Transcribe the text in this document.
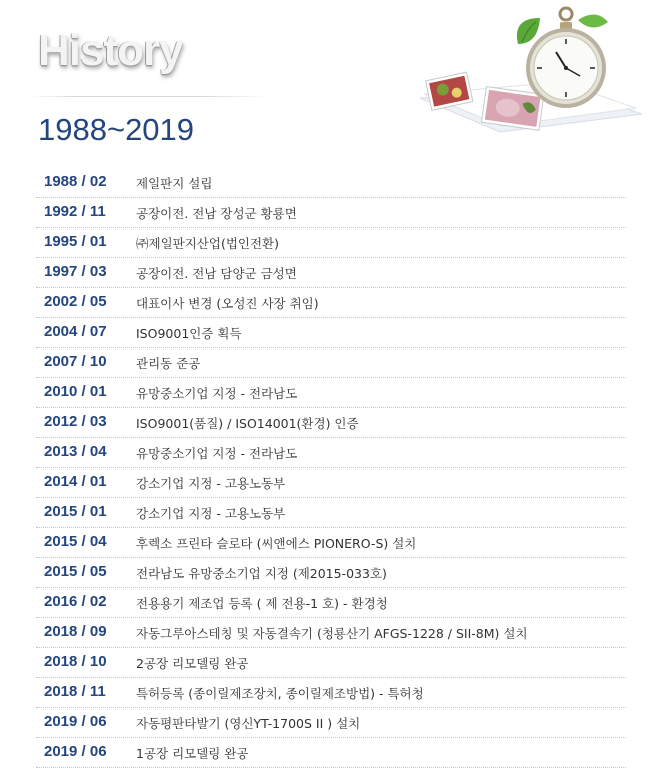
History
1988~2019
1988 / 02 제일판지 설립
1992 / 11 공장이전. 전남 장성군 황룡면
1995 / 01 ㈜제일판지산업(법인전환)
1997 / 03 공장이전. 전남 담양군 금성면
2002 / 05 대표이사 변경 (오성진 사장 취임)
2004 / 07 ISO9001인증 획득
2007 / 10 관리동 준공
2010 / 01 유망중소기업 지정 - 전라남도
2012 / 03 ISO9001(품질) / ISO14001(환경) 인증
2013 / 04 유망중소기업 지정 - 전라남도
2014 / 01 강소기업 지정 - 고용노동부
2015 / 01 강소기업 지정 - 고용노동부
2015 / 04 후렉소 프린타 슬로타 (씨앤에스 PIONERO-S) 설치
2015 / 05 전라남도 유망중소기업 지정 (제2015-033호)
2016 / 02 전용용기 제조업 등록 ( 제 전용-1 호) - 환경청
2018 / 09 자동그루아스테칭 및 자동결속기 (청룡산기 AFGS-1228 / SII-8M) 설치
2018 / 10 2공장 리모델링 완공
2018 / 11 특허등록 (종이릴제조장치, 종이릴제조방법) - 특허청
2019 / 06 자동평판타발기 (영신YT-1700S II ) 설치
2019 / 06 1공장 리모델링 완공
